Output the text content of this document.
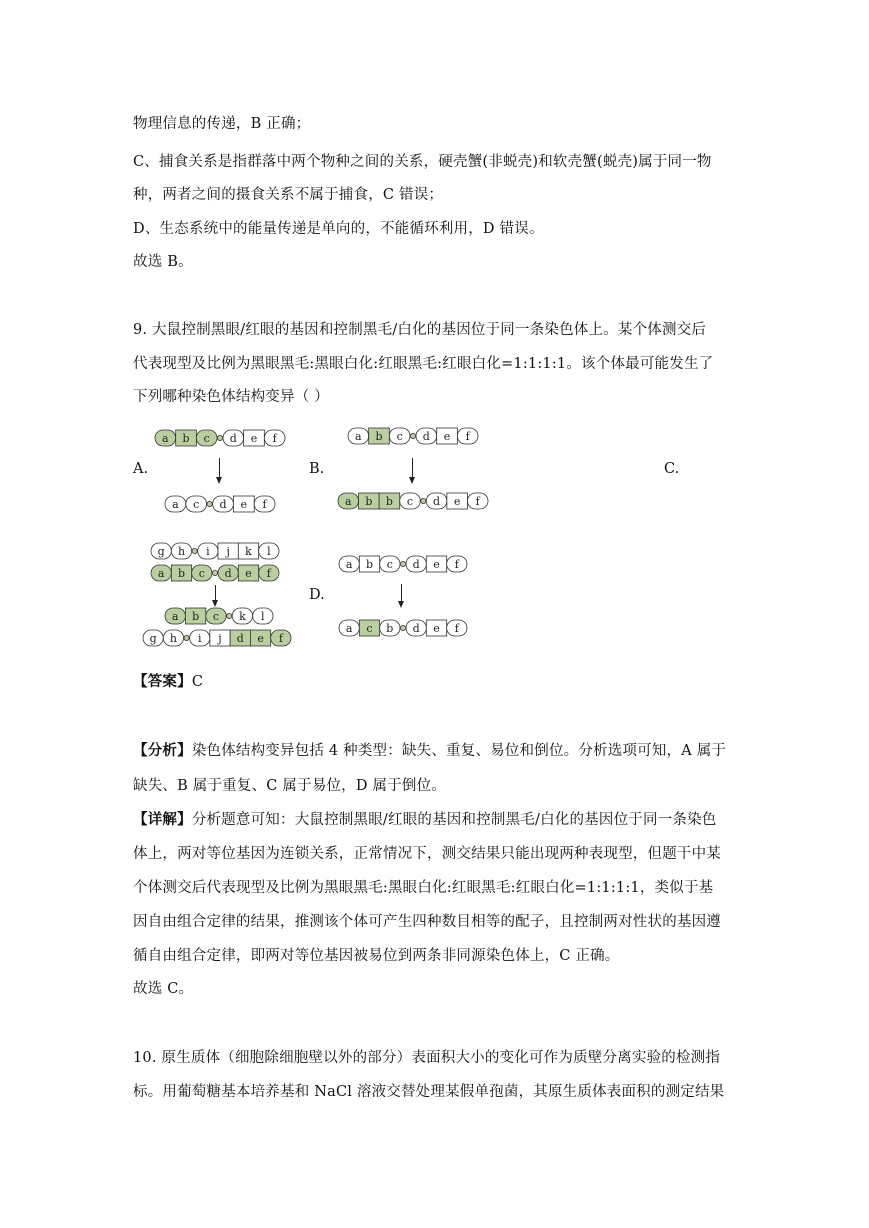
物理信息的传递，B 正确；
C、捕食关系是指群落中两个物种之间的关系，硬壳蟹(非蜕壳)和软壳蟹(蜕壳)属于同一物
种，两者之间的摄食关系不属于捕食，C 错误；
D、生态系统中的能量传递是单向的，不能循环利用，D 错误。
故选 B。
9. 大鼠控制黑眼/红眼的基因和控制黑毛/白化的基因位于同一条染色体上。某个体测交后
代表现型及比例为黑眼黑毛:黑眼白化:红眼黑毛:红眼白化=1:1:1:1。该个体最可能发生了
下列哪种染色体结构变异（ ）
A.	B.	C.
D.
a b c d e f
a c d e f
a b c d e f
a b b c d e f
g h i j k l
a b c d e f
a b c k l
g h i j d e f
a b c d e f
a c b d e f
【答案】C
【分析】染色体结构变异包括 4 种类型：缺失、重复、易位和倒位。分析选项可知，A 属于
缺失、B 属于重复、C 属于易位，D 属于倒位。
【详解】分析题意可知：大鼠控制黑眼/红眼的基因和控制黑毛/白化的基因位于同一条染色
体上，两对等位基因为连锁关系，正常情况下，测交结果只能出现两种表现型，但题干中某
个体测交后代表现型及比例为黑眼黑毛:黑眼白化:红眼黑毛:红眼白化=1:1:1:1，类似于基
因自由组合定律的结果，推测该个体可产生四种数目相等的配子，且控制两对性状的基因遵
循自由组合定律，即两对等位基因被易位到两条非同源染色体上，C 正确。
故选 C。
10. 原生质体（细胞除细胞壁以外的部分）表面积大小的变化可作为质壁分离实验的检测指
标。用葡萄糖基本培养基和 NaCl 溶液交替处理某假单孢菌，其原生质体表面积的测定结果
